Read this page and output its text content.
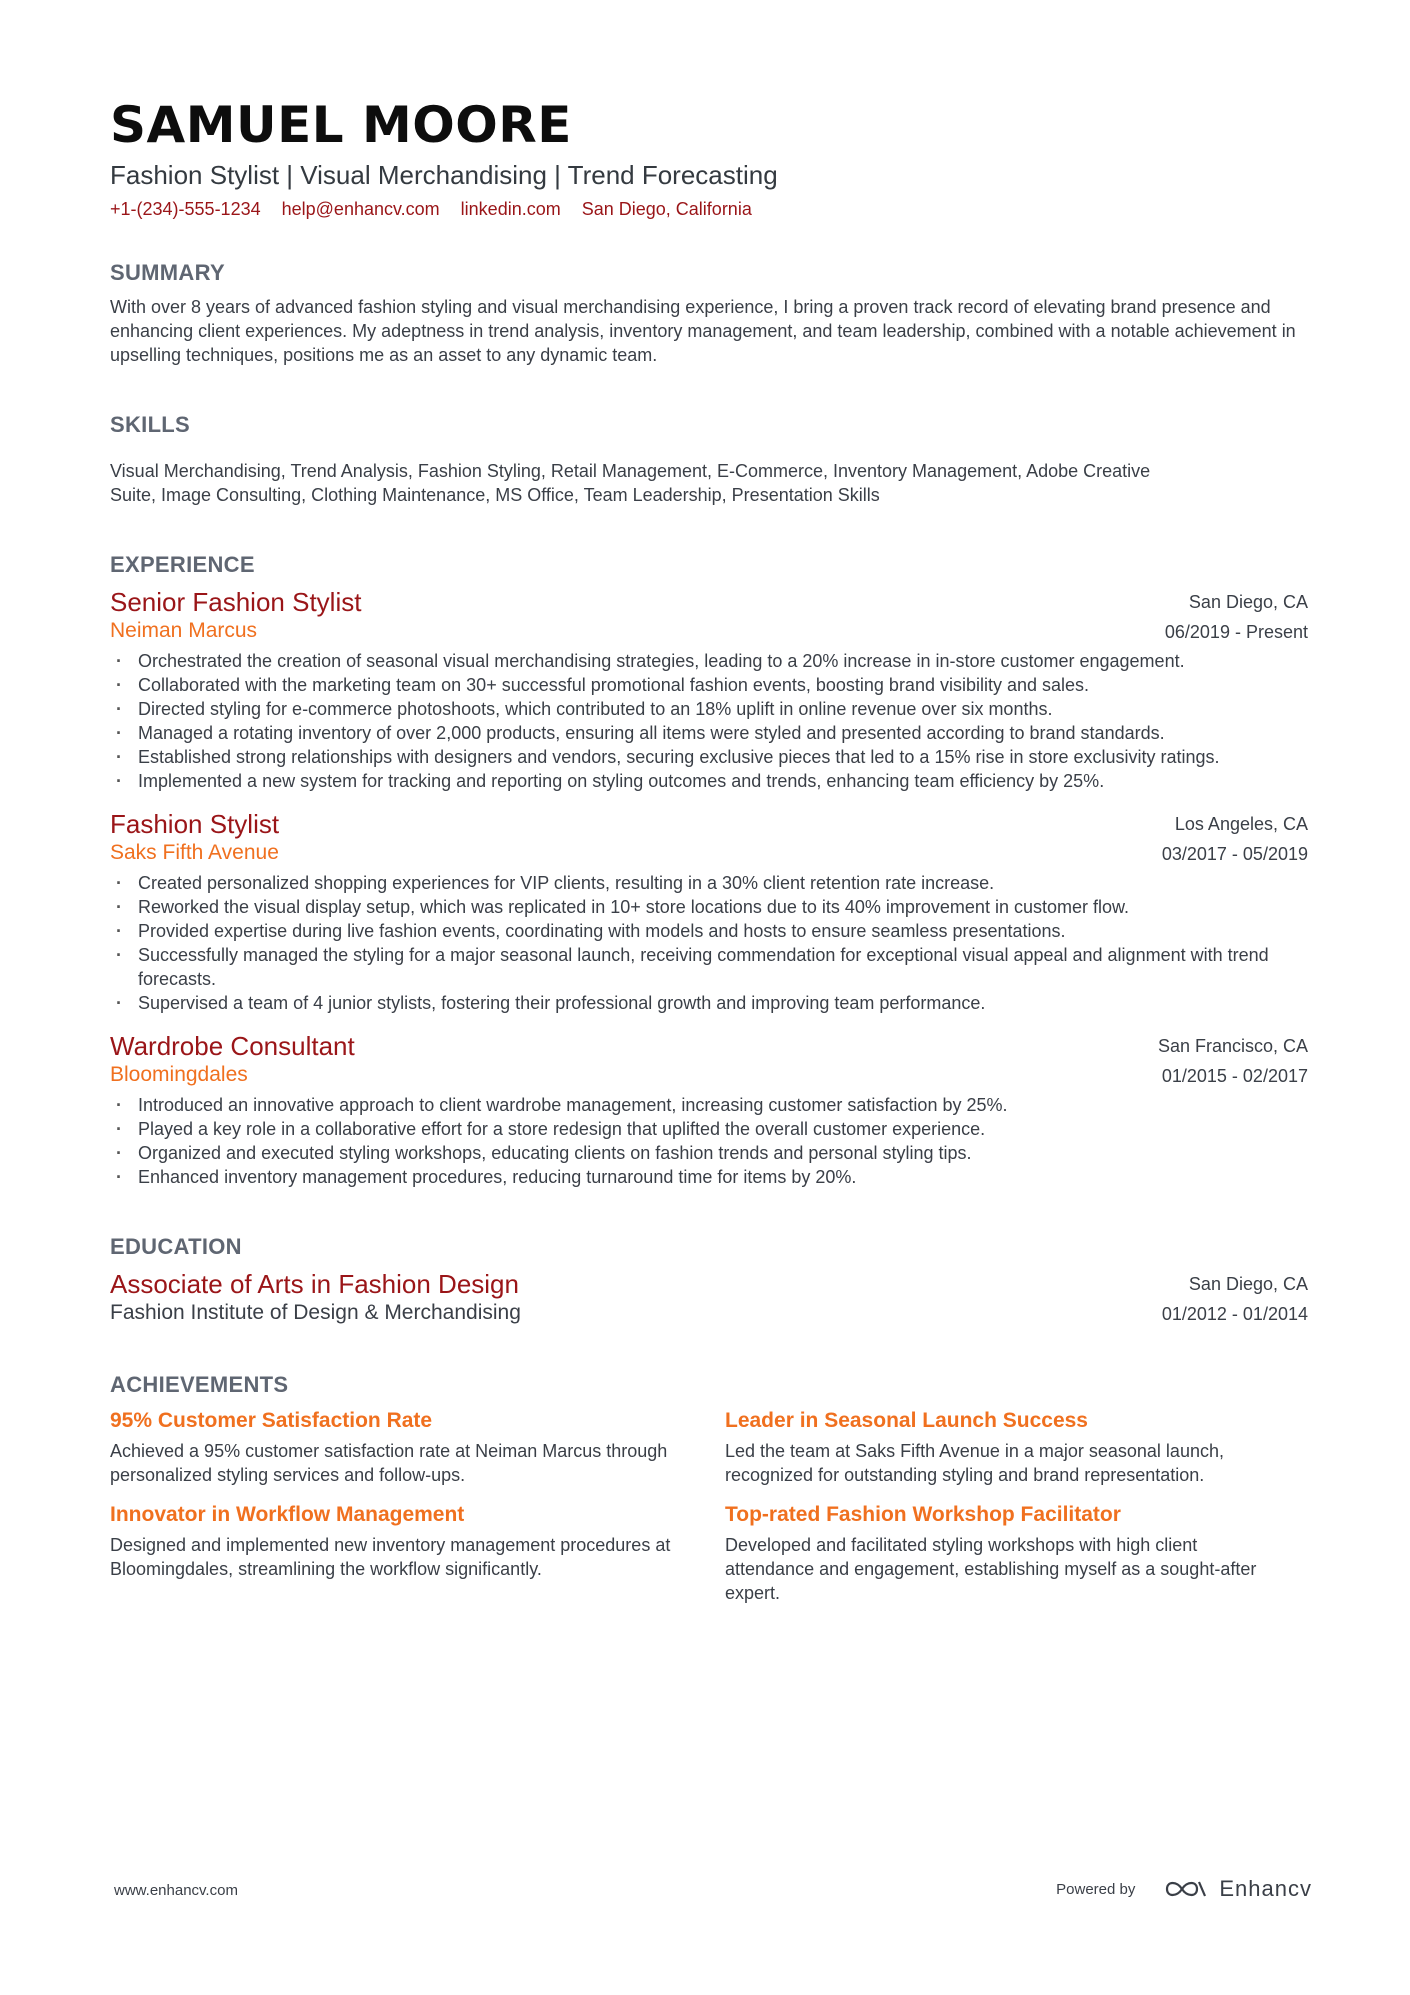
SAMUEL MOORE
Fashion Stylist | Visual Merchandising | Trend Forecasting
+1-(234)-555-1234 help@enhancv.com linkedin.com San Diego, California
SUMMARY
With over 8 years of advanced fashion styling and visual merchandising experience, I bring a proven track record of elevating brand presence and enhancing client experiences. My adeptness in trend analysis, inventory management, and team leadership, combined with a notable achievement in upselling techniques, positions me as an asset to any dynamic team.
SKILLS
Visual Merchandising, Trend Analysis, Fashion Styling, Retail Management, E-Commerce, Inventory Management, Adobe Creative Suite, Image Consulting, Clothing Maintenance, MS Office, Team Leadership, Presentation Skills
EXPERIENCE
Senior Fashion Stylist
Neiman Marcus
San Diego, CA
06/2019 - Present
· Orchestrated the creation of seasonal visual merchandising strategies, leading to a 20% increase in in-store customer engagement.
· Collaborated with the marketing team on 30+ successful promotional fashion events, boosting brand visibility and sales.
· Directed styling for e-commerce photoshoots, which contributed to an 18% uplift in online revenue over six months.
· Managed a rotating inventory of over 2,000 products, ensuring all items were styled and presented according to brand standards.
· Established strong relationships with designers and vendors, securing exclusive pieces that led to a 15% rise in store exclusivity ratings.
· Implemented a new system for tracking and reporting on styling outcomes and trends, enhancing team efficiency by 25%.
Fashion Stylist
Saks Fifth Avenue
Los Angeles, CA
03/2017 - 05/2019
· Created personalized shopping experiences for VIP clients, resulting in a 30% client retention rate increase.
· Reworked the visual display setup, which was replicated in 10+ store locations due to its 40% improvement in customer flow.
· Provided expertise during live fashion events, coordinating with models and hosts to ensure seamless presentations.
· Successfully managed the styling for a major seasonal launch, receiving commendation for exceptional visual appeal and alignment with trend forecasts.
· Supervised a team of 4 junior stylists, fostering their professional growth and improving team performance.
Wardrobe Consultant
Bloomingdales
San Francisco, CA
01/2015 - 02/2017
· Introduced an innovative approach to client wardrobe management, increasing customer satisfaction by 25%.
· Played a key role in a collaborative effort for a store redesign that uplifted the overall customer experience.
· Organized and executed styling workshops, educating clients on fashion trends and personal styling tips.
· Enhanced inventory management procedures, reducing turnaround time for items by 20%.
EDUCATION
Associate of Arts in Fashion Design
Fashion Institute of Design & Merchandising
San Diego, CA
01/2012 - 01/2014
ACHIEVEMENTS
95% Customer Satisfaction Rate
Achieved a 95% customer satisfaction rate at Neiman Marcus through personalized styling services and follow-ups.
Leader in Seasonal Launch Success
Led the team at Saks Fifth Avenue in a major seasonal launch, recognized for outstanding styling and brand representation.
Innovator in Workflow Management
Designed and implemented new inventory management procedures at Bloomingdales, streamlining the workflow significantly.
Top-rated Fashion Workshop Facilitator
Developed and facilitated styling workshops with high client attendance and engagement, establishing myself as a sought-after expert.
www.enhancv.com	Powered by	Enhancv
